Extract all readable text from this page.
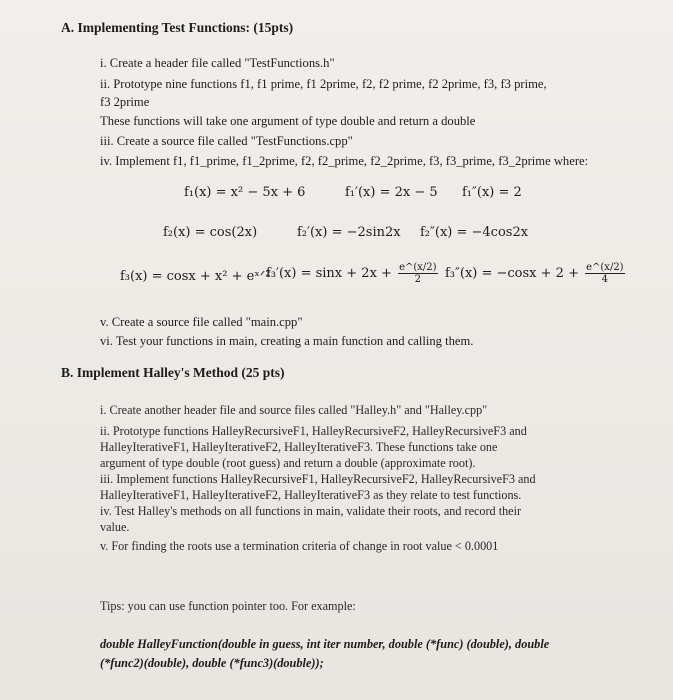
A. Implementing Test Functions: (15pts)
i. Create a header file called "TestFunctions.h"
ii. Prototype nine functions f1, f1 prime, f1 2prime, f2, f2 prime, f2 2prime, f3, f3 prime,
f3 2prime
These functions will take one argument of type double and return a double
iii. Create a source file called "TestFunctions.cpp"
iv. Implement f1, f1_prime, f1_2prime, f2, f2_prime, f2_2prime, f3, f3_prime, f3_2prime where:
f₁(x) = x² − 5x + 6	f₁′(x) = 2x − 5 f₁″(x) = 2
f₂(x) = cos(2x)	f₂′(x) = −2sin2x f₂″(x) = −4cos2x
f₃(x) = cosx + x² + eˣᐟ²
$f_3'(x) = \sin x + 2x + \frac{e\^{}(x/2)}{2} f_3''(x) = -\cos x + 2 + \frac{e\^{}(x/2)}{4}$
v. Create a source file called "main.cpp"
vi. Test your functions in main, creating a main function and calling them.
B. Implement Halley's Method (25 pts)
i. Create another header file and source files called "Halley.h" and "Halley.cpp"
ii. Prototype functions HalleyRecursiveF1, HalleyRecursiveF2, HalleyRecursiveF3 and
HalleyIterativeF1, HalleyIterativeF2, HalleyIterativeF3. These functions take one
argument of type double (root guess) and return a double (approximate root).
iii. Implement functions HalleyRecursiveF1, HalleyRecursiveF2, HalleyRecursiveF3 and
HalleyIterativeF1, HalleyIterativeF2, HalleyIterativeF3 as they relate to test functions.
iv. Test Halley's methods on all functions in main, validate their roots, and record their
value.
v. For finding the roots use a termination criteria of change in root value < 0.0001
Tips: you can use function pointer too. For example:
double HalleyFunction(double in guess, int iter number, double (*func) (double), double
(*func2)(double), double (*func3)(double));
